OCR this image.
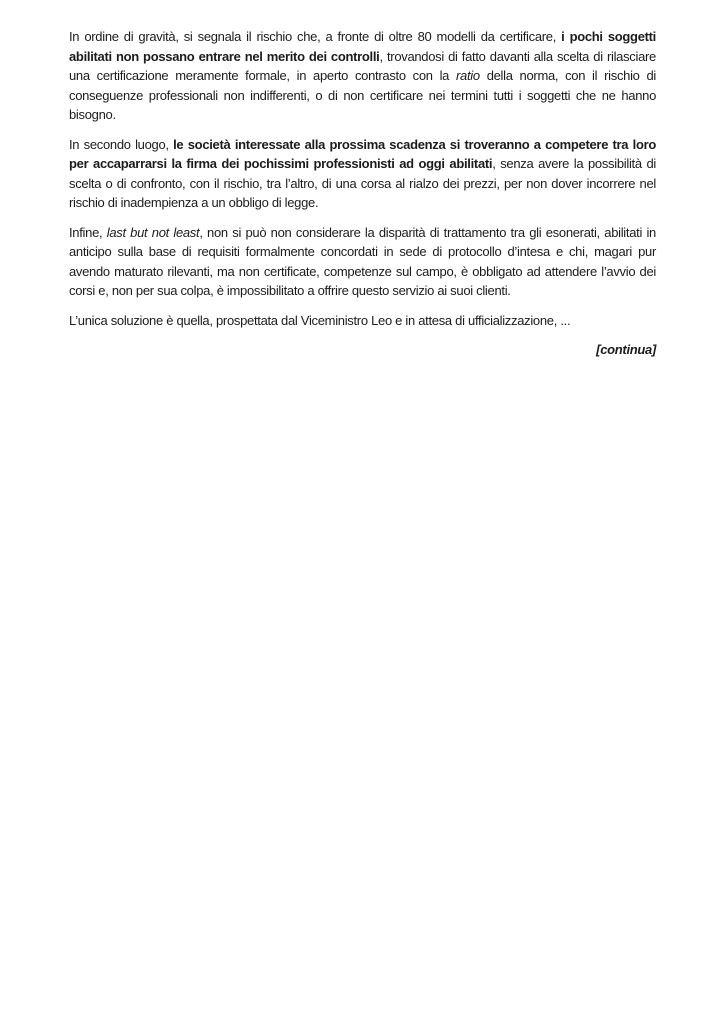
In ordine di gravità, si segnala il rischio che, a fronte di oltre 80 modelli da certificare, i pochi soggetti abilitati non possano entrare nel merito dei controlli, trovandosi di fatto davanti alla scelta di rilasciare una certificazione meramente formale, in aperto contrasto con la ratio della norma, con il rischio di conseguenze professionali non indifferenti, o di non certificare nei termini tutti i soggetti che ne hanno bisogno.

In secondo luogo, le società interessate alla prossima scadenza si troveranno a competere tra loro per accaparrarsi la firma dei pochissimi professionisti ad oggi abilitati, senza avere la possibilità di scelta o di confronto, con il rischio, tra l’altro, di una corsa al rialzo dei prezzi, per non dover incorrere nel rischio di inadempienza a un obbligo di legge.

Infine, last but not least, non si può non considerare la disparità di trattamento tra gli esonerati, abilitati in anticipo sulla base di requisiti formalmente concordati in sede di protocollo d’intesa e chi, magari pur avendo maturato rilevanti, ma non certificate, competenze sul campo, è obbligato ad attendere l’avvio dei corsi e, non per sua colpa, è impossibilitato a offrire questo servizio ai suoi clienti.

L’unica soluzione è quella, prospettata dal Viceministro Leo e in attesa di ufficializzazione, ...

[continua]
